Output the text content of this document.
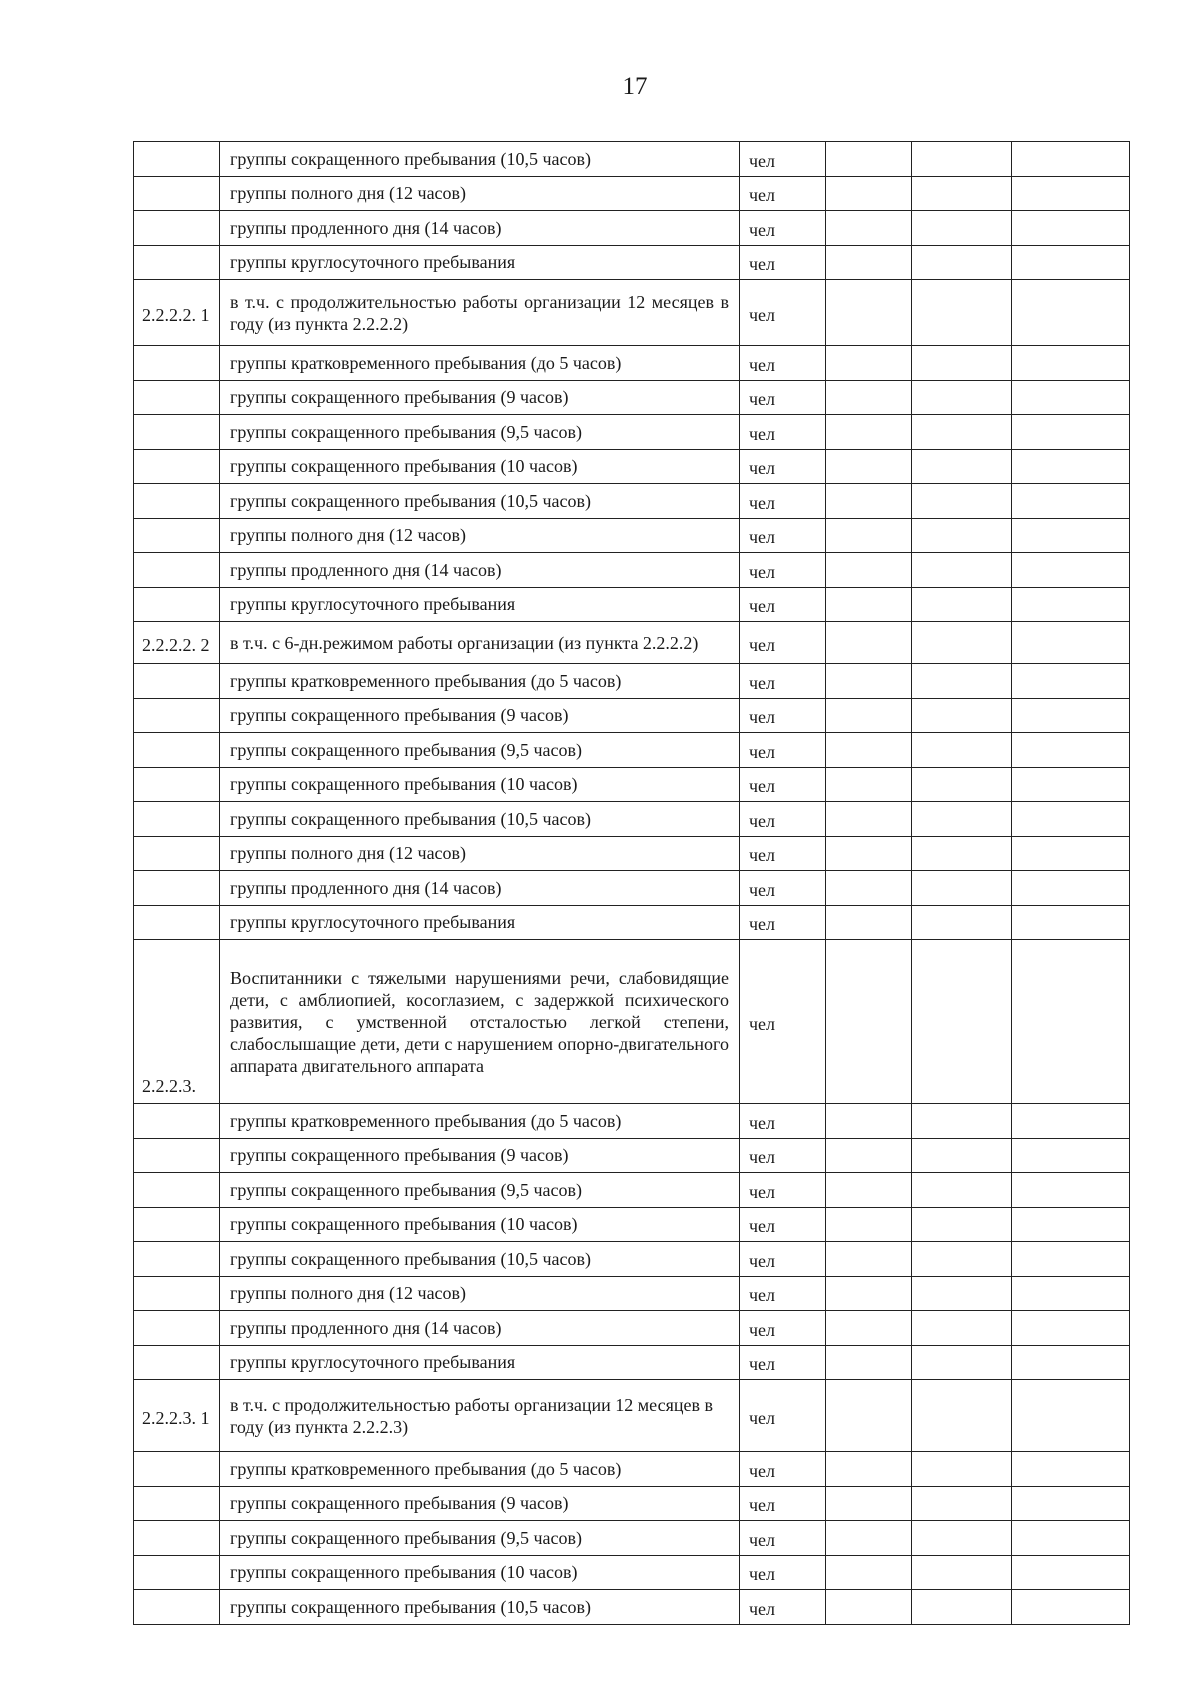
17
	группы сокращенного пребывания (10,5 часов)	чел			

	группы полного дня (12 часов)	чел			

	группы продленного дня (14 часов)	чел			

	группы круглосуточного пребывания	чел			

2.2.2.2. 1	в т.ч. с продолжительностью работы организации 12 месяцев в году (из пункта 2.2.2.2)	чел			

	группы кратковременного пребывания (до 5 часов)	чел			

	группы сокращенного пребывания (9 часов)	чел			

	группы сокращенного пребывания (9,5 часов)	чел			

	группы сокращенного пребывания (10 часов)	чел			

	группы сокращенного пребывания (10,5 часов)	чел			

	группы полного дня (12 часов)	чел			

	группы продленного дня (14 часов)	чел			

	группы круглосуточного пребывания	чел			

2.2.2.2. 2	в т.ч. с 6-дн.режимом работы организации (из пункта 2.2.2.2)	чел			

	группы кратковременного пребывания (до 5 часов)	чел			

	группы сокращенного пребывания (9 часов)	чел			

	группы сокращенного пребывания (9,5 часов)	чел			

	группы сокращенного пребывания (10 часов)	чел			

	группы сокращенного пребывания (10,5 часов)	чел			

	группы полного дня (12 часов)	чел			

	группы продленного дня (14 часов)	чел			

	группы круглосуточного пребывания	чел			

2.2.2.3.	Воспитанники с тяжелыми нарушениями речи, слабовидящие дети, с амблиопией, косоглазием, с задержкой психического развития, с умственной отсталостью легкой степени, слабослышащие дети, дети с нарушением опорно-двигательного аппарата двигательного аппарата	чел			

	группы кратковременного пребывания (до 5 часов)	чел			

	группы сокращенного пребывания (9 часов)	чел			

	группы сокращенного пребывания (9,5 часов)	чел			

	группы сокращенного пребывания (10 часов)	чел			

	группы сокращенного пребывания (10,5 часов)	чел			

	группы полного дня (12 часов)	чел			

	группы продленного дня (14 часов)	чел			

	группы круглосуточного пребывания	чел			

2.2.2.3. 1	в т.ч. с продолжительностью работы организации 12 месяцев в году (из пункта 2.2.2.3)	чел			

	группы кратковременного пребывания (до 5 часов)	чел			

	группы сокращенного пребывания (9 часов)	чел			

	группы сокращенного пребывания (9,5 часов)	чел			

	группы сокращенного пребывания (10 часов)	чел			

	группы сокращенного пребывания (10,5 часов)	чел			
